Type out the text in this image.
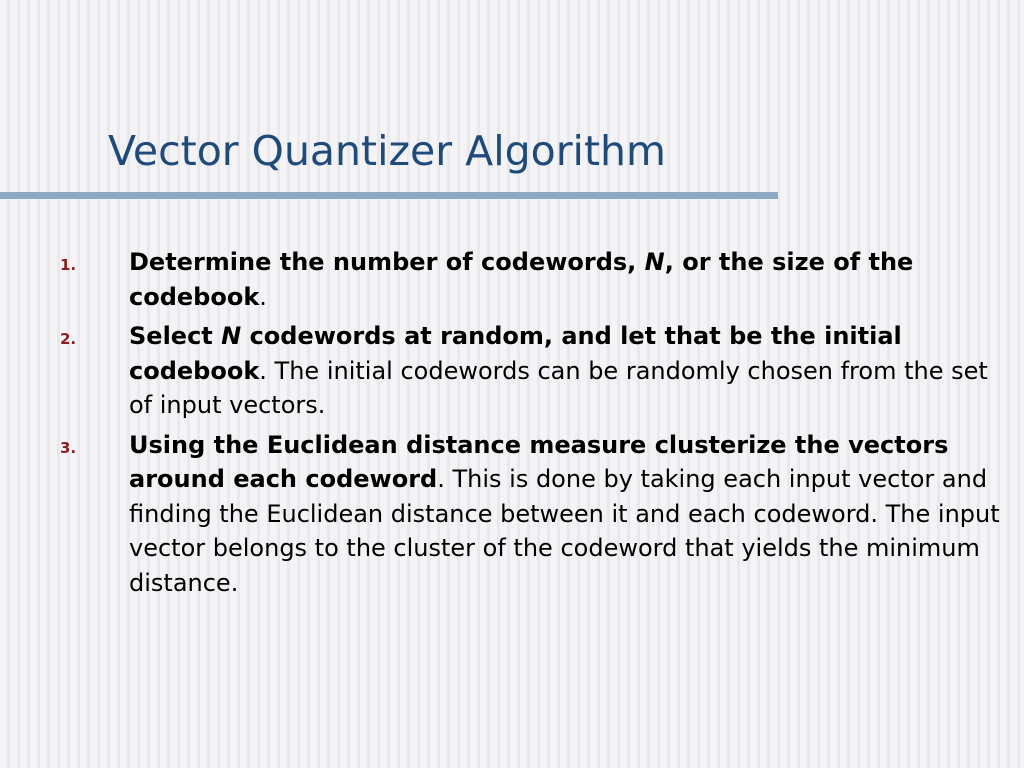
Vector Quantizer Algorithm
1. Determine the number of codewords, N, or the size of the codebook.
2. Select N codewords at random, and let that be the initial codebook. The initial codewords can be randomly chosen from the set of input vectors.
3. Using the Euclidean distance measure clusterize the vectors around each codeword. This is done by taking each input vector and finding the Euclidean distance between it and each codeword. The input vector belongs to the cluster of the codeword that yields the minimum distance.
